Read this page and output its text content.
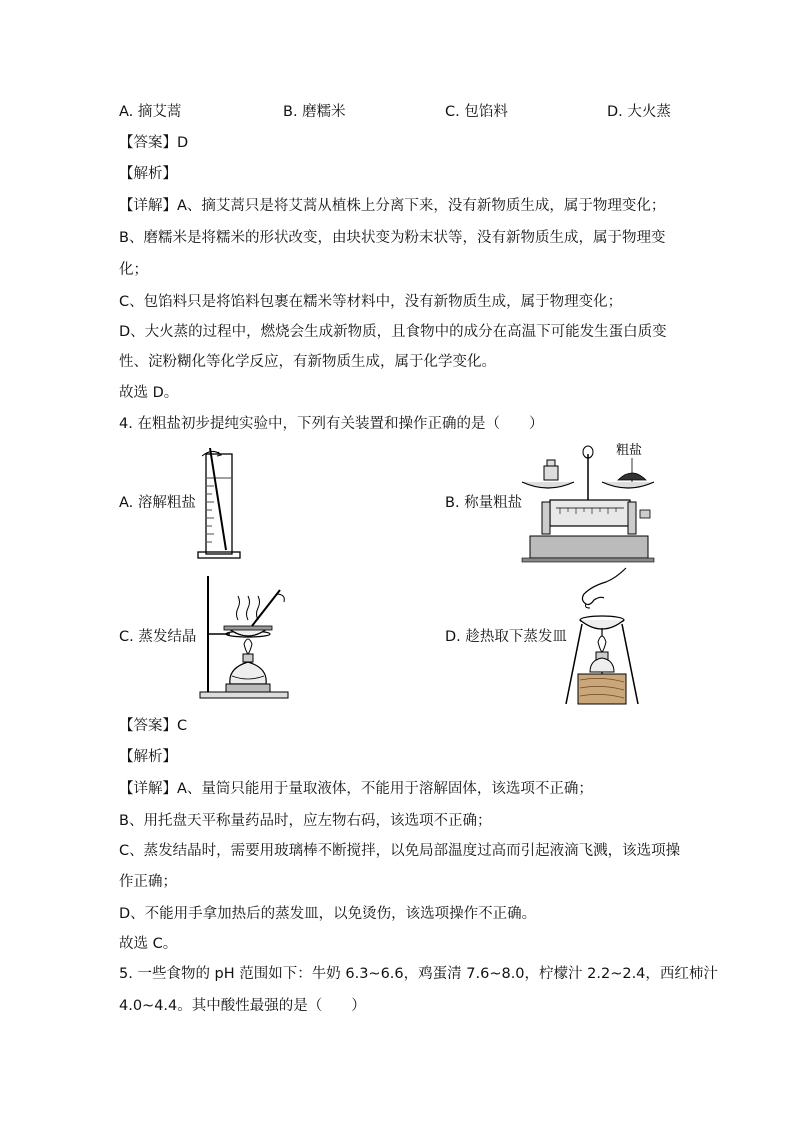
A. 摘艾蒿	B. 磨糯米	C. 包馅料	D. 大火蒸
【答案】D
【解析】
【详解】A、摘艾蒿只是将艾蒿从植株上分离下来，没有新物质生成，属于物理变化；
B、磨糯米是将糯米的形状改变，由块状变为粉末状等，没有新物质生成，属于物理变
化；
C、包馅料只是将馅料包裹在糯米等材料中，没有新物质生成，属于物理变化；
D、大火蒸的过程中，燃烧会生成新物质，且食物中的成分在高温下可能发生蛋白质变
性、淀粉糊化等化学反应，有新物质生成，属于化学变化。
故选 D。
4. 在粗盐初步提纯实验中，下列有关装置和操作正确的是（　　）
A. 溶解粗盐	B. 称量粗盐
C. 蒸发结晶	D. 趁热取下蒸发皿
粗盐
【答案】C
【解析】
【详解】A、量筒只能用于量取液体，不能用于溶解固体，该选项不正确；
B、用托盘天平称量药品时，应左物右码，该选项不正确；
C、蒸发结晶时，需要用玻璃棒不断搅拌，以免局部温度过高而引起液滴飞溅，该选项操
作正确；
D、不能用手拿加热后的蒸发皿，以免烫伤，该选项操作不正确。
故选 C。
5. 一些食物的 pH 范围如下：牛奶 6.3~6.6，鸡蛋清 7.6~8.0，柠檬汁 2.2~2.4，西红柿汁
4.0~4.4。其中酸性最强的是（　　）
